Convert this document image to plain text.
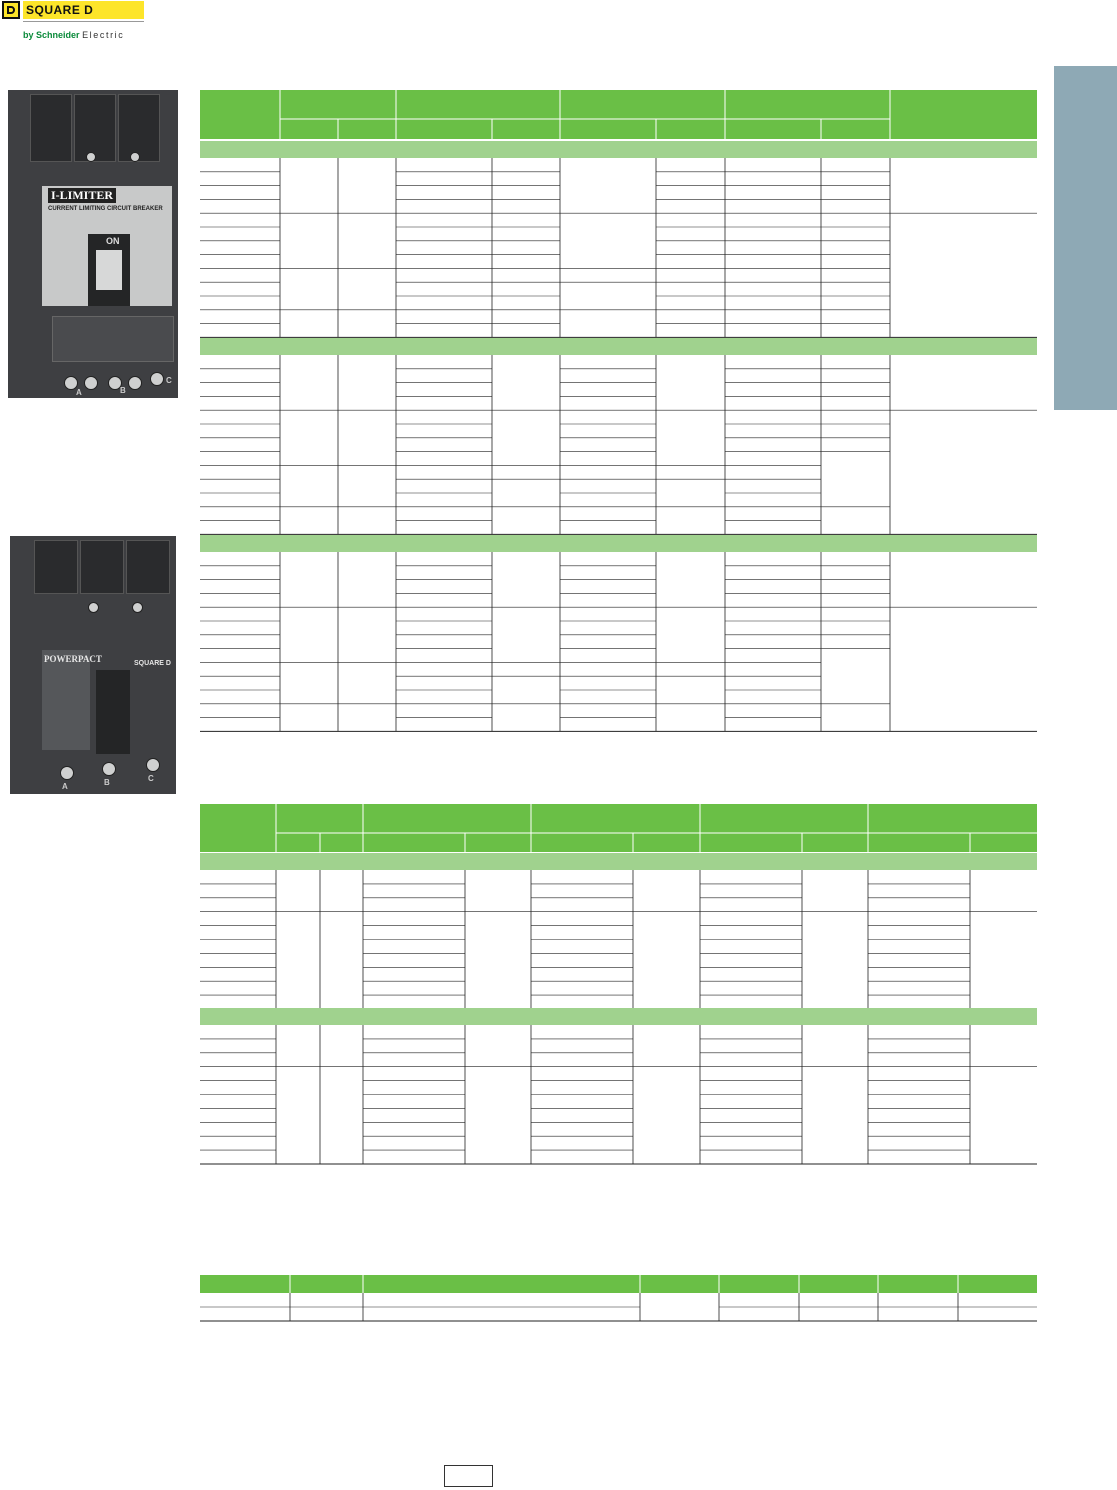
SQUARE D
by Schneider Electric
I-LIMITER
CURRENT LIMITING CIRCUIT BREAKER
ON
A	B
C
POWERPACT	SQUARE D
A	B	C
